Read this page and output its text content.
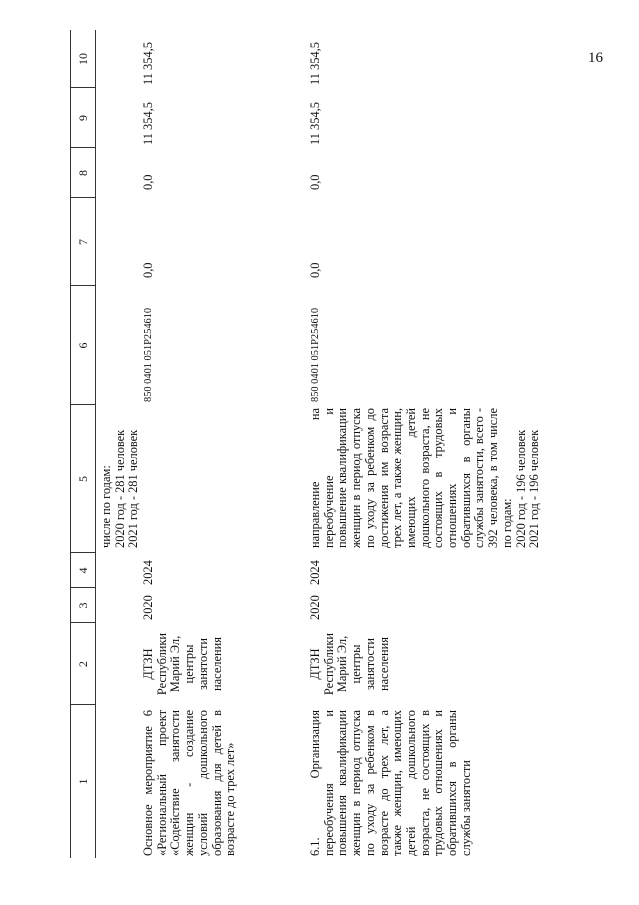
16
1
2
3
4
5
6
7
8
9
10
числе по годам:
2020 год - 281 человек
2021 год - 281 человек
Основное мероприятие 6 «Региональный проект «Содействие занятости женщин - создание условий дошкольного образования для детей в возрасте до трех лет»
ДТЗН Республики Марий Эл, центры занятости населения
2020
2024
850 0401 051P254610
0,0
0,0
11 354,5
11 354,5
6.1. Организация переобучения и повышения квалификации женщин в период отпуска по уходу за ребенком в возрасте до трех лет, а также женщин, имеющих детей дошкольного возраста, не состоящих в трудовых отношениях и обратившихся в органы службы занятости
ДТЗН Республики Марий Эл, центры занятости населения
2020
2024
направление на переобучение и повышение квалификации женщин в период отпуска по уходу за ребенком до достижения им возраста трех лет, а также женщин, имеющих детей дошкольного возраста, не состоящих в трудовых отношениях и обратившихся в органы службы занятости, всего - 392 человека, в том числе по годам:
2020 год - 196 человек
2021 год - 196 человек
850 0401 051P254610
0,0
0,0
11 354,5
11 354,5
